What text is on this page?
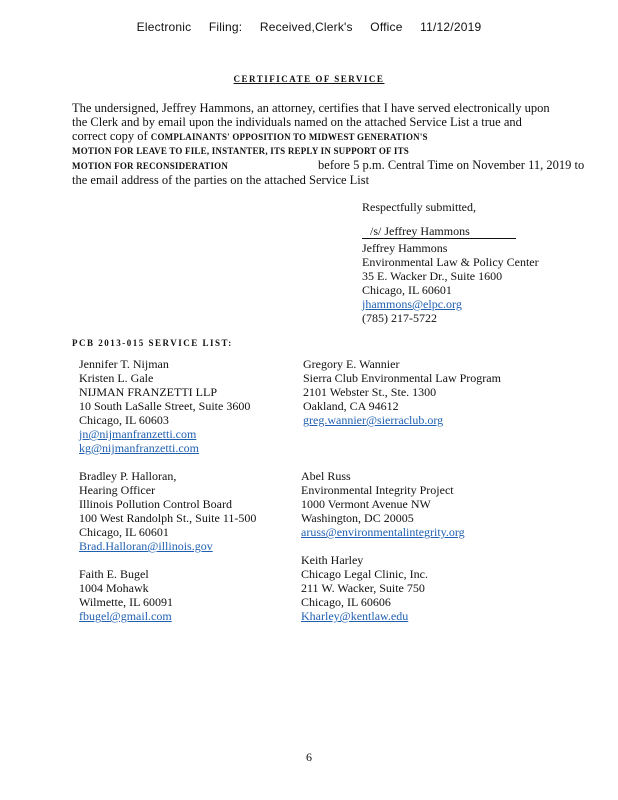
Electronic Filing: Received,Clerk's Office 11/12/2019
CERTIFICATE OF SERVICE
The undersigned, Jeffrey Hammons, an attorney, certifies that I have served electronically upon
the Clerk and by email upon the individuals named on the attached Service List a true and
correct copy of COMPLAINANTS' OPPOSITION TO MIDWEST GENERATION'S
MOTION FOR LEAVE TO FILE, INSTANTER, ITS REPLY IN SUPPORT OF ITS
MOTION FOR RECONSIDERATION	before 5 p.m. Central Time on November 11, 2019 to
the email address of the parties on the attached Service List
Respectfully submitted,
/s/ Jeffrey Hammons
Jeffrey Hammons
Environmental Law & Policy Center
35 E. Wacker Dr., Suite 1600
Chicago, IL 60601
jhammons@elpc.org
(785) 217-5722
PCB 2013-015 SERVICE LIST:
Jennifer T. Nijman
Kristen L. Gale
NIJMAN FRANZETTI LLP
10 South LaSalle Street, Suite 3600
Chicago, IL 60603
jn@nijmanfranzetti.com
kg@nijmanfranzetti.com
Bradley P. Halloran,
Hearing Officer
Illinois Pollution Control Board
100 West Randolph St., Suite 11-500
Chicago, IL 60601
Brad.Halloran@illinois.gov
Faith E. Bugel
1004 Mohawk
Wilmette, IL 60091
fbugel@gmail.com
Gregory E. Wannier
Sierra Club Environmental Law Program
2101 Webster St., Ste. 1300
Oakland, CA 94612
greg.wannier@sierraclub.org
Abel Russ
Environmental Integrity Project
1000 Vermont Avenue NW
Washington, DC 20005
aruss@environmentalintegrity.org
Keith Harley
Chicago Legal Clinic, Inc.
211 W. Wacker, Suite 750
Chicago, IL 60606
Kharley@kentlaw.edu
6
